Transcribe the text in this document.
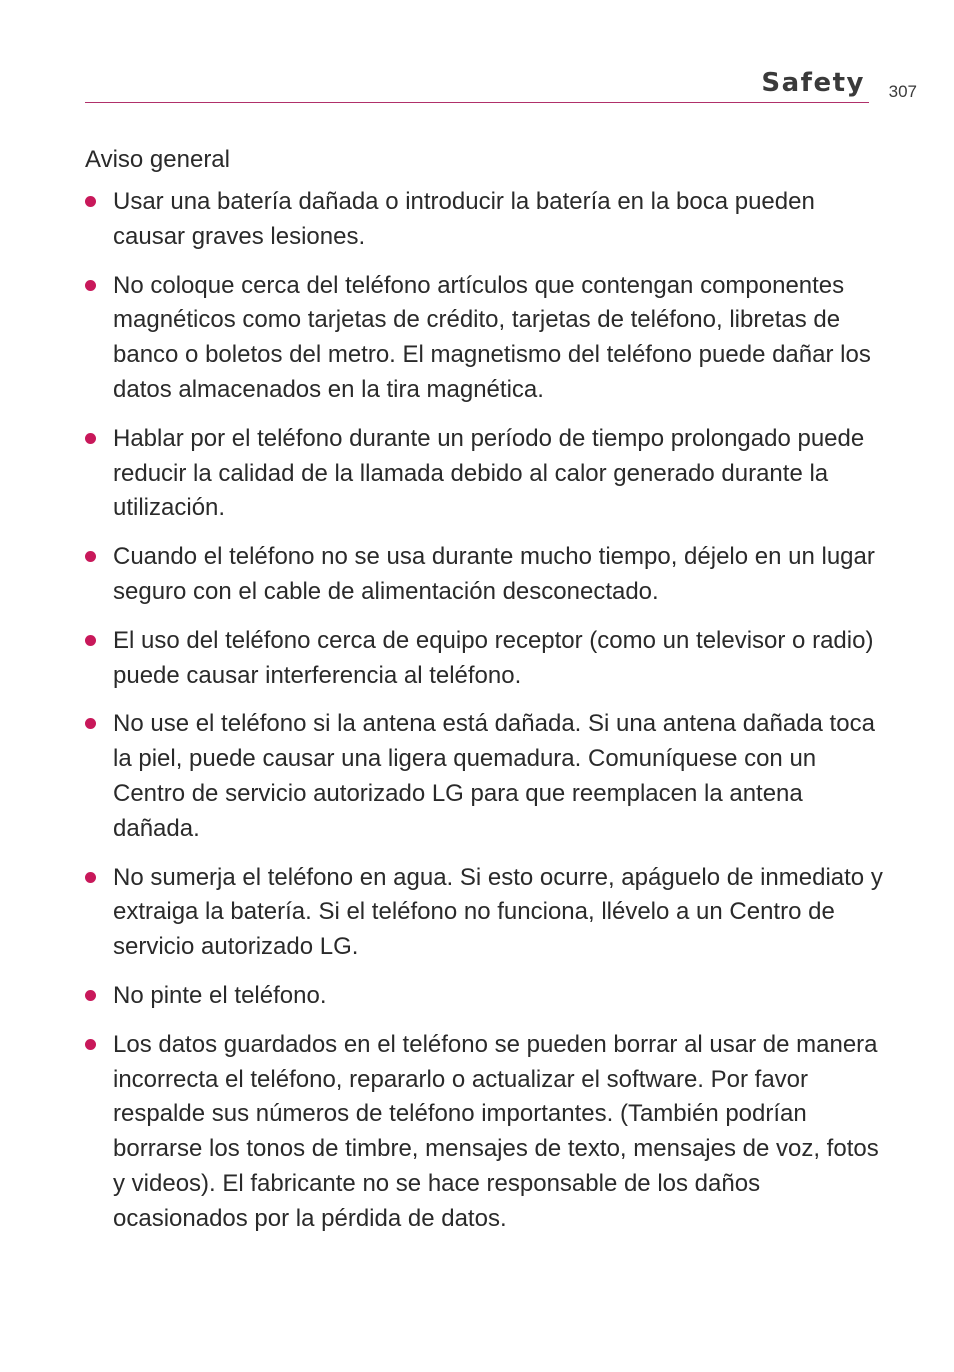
Safety 307
Aviso general
Usar una batería dañada o introducir la batería en la boca pueden causar graves lesiones.
No coloque cerca del teléfono artículos que contengan componentes magnéticos como tarjetas de crédito, tarjetas de teléfono, libretas de banco o boletos del metro. El magnetismo del teléfono puede dañar los datos almacenados en la tira magnética.
Hablar por el teléfono durante un período de tiempo prolongado puede reducir la calidad de la llamada debido al calor generado durante la utilización.
Cuando el teléfono no se usa durante mucho tiempo, déjelo en un lugar seguro con el cable de alimentación desconectado.
El uso del teléfono cerca de equipo receptor (como un televisor o radio) puede causar interferencia al teléfono.
No use el teléfono si la antena está dañada. Si una antena dañada toca la piel, puede causar una ligera quemadura. Comuníquese con un Centro de servicio autorizado LG para que reemplacen la antena dañada.
No sumerja el teléfono en agua. Si esto ocurre, apáguelo de inmediato y extraiga la batería. Si el teléfono no funciona, llévelo a un Centro de servicio autorizado LG.
No pinte el teléfono.
Los datos guardados en el teléfono se pueden borrar al usar de manera incorrecta el teléfono, repararlo o actualizar el software. Por favor respalde sus números de teléfono importantes. (También podrían borrarse los tonos de timbre, mensajes de texto, mensajes de voz, fotos y videos). El fabricante no se hace responsable de los daños ocasionados por la pérdida de datos.
